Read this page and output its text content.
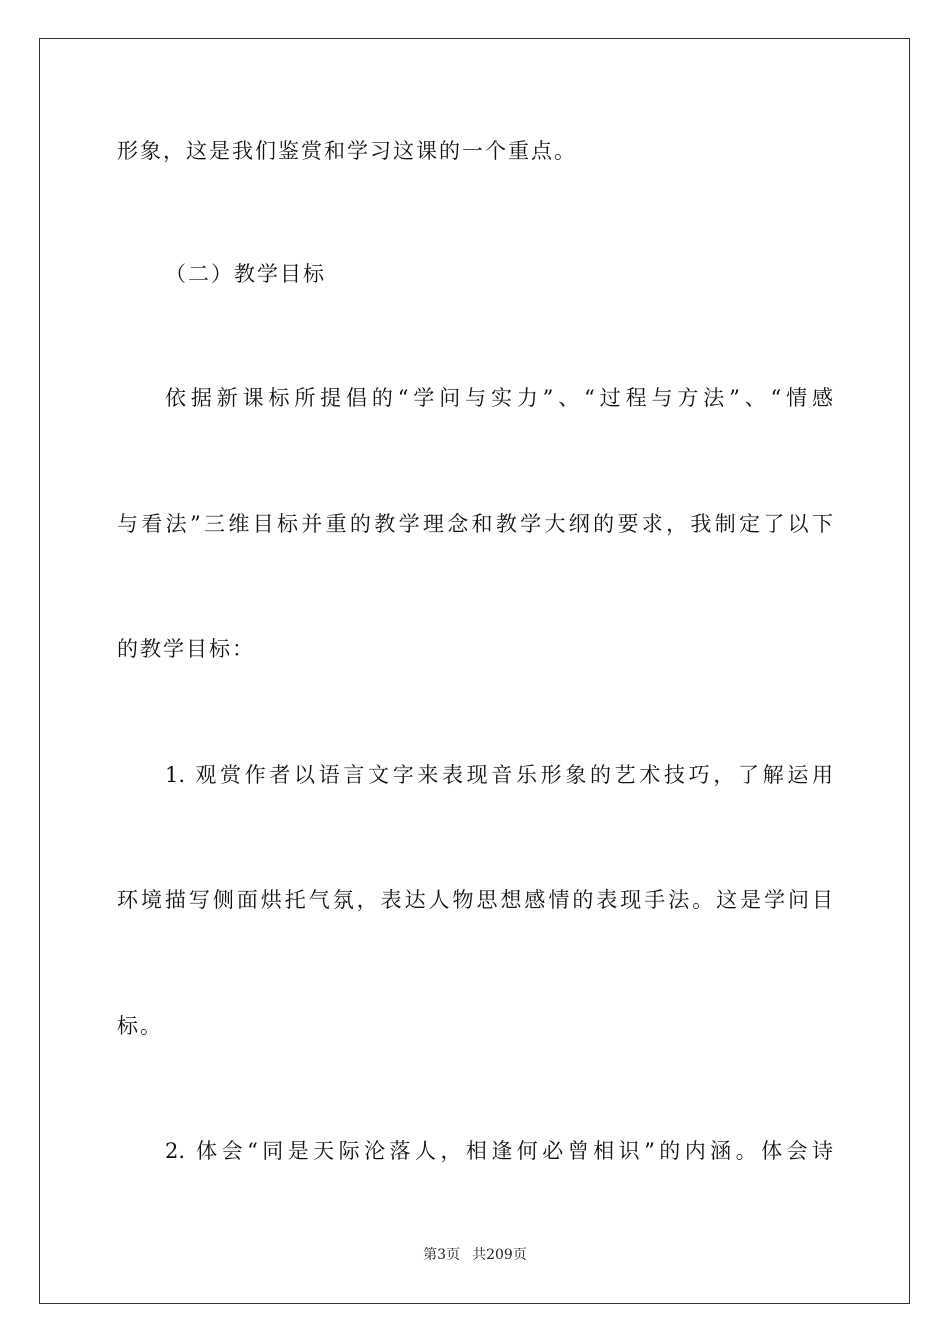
形象，这是我们鉴赏和学习这课的一个重点。
（二）教学目标
依据新课标所提倡的“学问与实力”、“过程与方法”、“情感
与看法”三维目标并重的教学理念和教学大纲的要求，我制定了以下
的教学目标：
1. 观赏作者以语言文字来表现音乐形象的艺术技巧，了解运用
环境描写侧面烘托气氛，表达人物思想感情的表现手法。这是学问目
标。
2. 体会“同是天际沦落人，相逢何必曾相识”的内涵。体会诗
第3页 共209页
